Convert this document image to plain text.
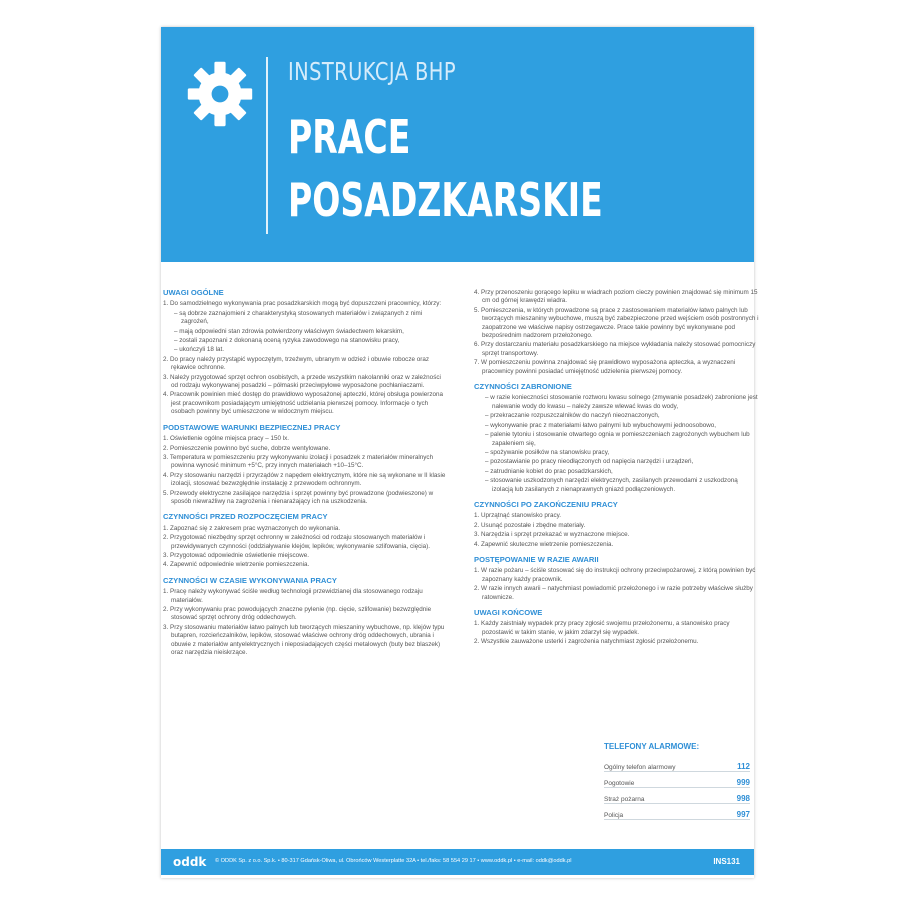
INSTRUKCJA BHP
PRACE
POSADZKARSKIE
UWAGI OGÓLNE
1. Do samodzielnego wykonywania prac posadzkarskich mogą być dopuszczeni pracownicy, którzy:
– są dobrze zaznajomieni z charakterystyką stosowanych materiałów i związanych z nimi zagrożeń,
– mają odpowiedni stan zdrowia potwierdzony właściwym świadectwem lekarskim,
– zostali zapoznani z dokonaną oceną ryzyka zawodowego na stanowisku pracy,
– ukończyli 18 lat.
2. Do pracy należy przystąpić wypoczętym, trzeźwym, ubranym w odzież i obuwie robocze oraz rękawice ochronne.
3. Należy przygotować sprzęt ochron osobistych, a przede wszystkim nakolanniki oraz w zależności od rodzaju wykonywanej posadzki – półmaski przeciwpyłowe wyposażone pochłaniaczami.
4. Pracownik powinien mieć dostęp do prawidłowo wyposażonej apteczki, której obsługa powierzona jest pracownikom posiadającym umiejętność udzielania pierwszej pomocy. Informacje o tych osobach powinny być umieszczone w widocznym miejscu.
PODSTAWOWE WARUNKI BEZPIECZNEJ PRACY
1. Oświetlenie ogólne miejsca pracy – 150 lx.
2. Pomieszczenie powinno być suche, dobrze wentylowane.
3. Temperatura w pomieszczeniu przy wykonywaniu izolacji i posadzek z materiałów mineralnych powinna wynosić minimum +5°C, przy innych materiałach +10–15°C.
4. Przy stosowaniu narzędzi i przyrządów z napędem elektrycznym, które nie są wykonane w II klasie izolacji, stosować bezwzględnie instalację z przewodem ochronnym.
5. Przewody elektryczne zasilające narzędzia i sprzęt powinny być prowadzone (podwieszone) w sposób niewrażliwy na zagrożenia i nienarażający ich na uszkodzenia.
CZYNNOŚCI PRZED ROZPOCZĘCIEM PRACY
1. Zapoznać się z zakresem prac wyznaczonych do wykonania.
2. Przygotować niezbędny sprzęt ochronny w zależności od rodzaju stosowanych materiałów i przewidywanych czynności (oddziaływanie klejów, lepików, wykonywanie szlifowania, cięcia).
3. Przygotować odpowiednie oświetlenie miejscowe.
4. Zapewnić odpowiednie wietrzenie pomieszczenia.
CZYNNOŚCI W CZASIE WYKONYWANIA PRACY
1. Pracę należy wykonywać ściśle według technologii przewidzianej dla stosowanego rodzaju materiałów.
2. Przy wykonywaniu prac powodujących znaczne pylenie (np. cięcie, szlifowanie) bezwzględnie stosować sprzęt ochrony dróg oddechowych.
3. Przy stosowaniu materiałów łatwo palnych lub tworzących mieszaniny wybuchowe, np. klejów typu butapren, rozcieńczalników, lepików, stosować właściwe ochrony dróg oddechowych, ubrania i obuwie z materiałów antyelektrycznych i nieposiadających części metalowych (buty bez blaszek) oraz narzędzia nieiskrzące.
4. Przy przenoszeniu gorącego lepiku w wiadrach poziom cieczy powinien znajdować się minimum 15 cm od górnej krawędzi wiadra.
5. Pomieszczenia, w których prowadzone są prace z zastosowaniem materiałów łatwo palnych lub tworzących mieszaniny wybuchowe, muszą być zabezpieczone przed wejściem osób postronnych i zaopatrzone we właściwe napisy ostrzegawcze. Prace takie powinny być wykonywane pod bezpośrednim nadzorem przełożonego.
6. Przy dostarczaniu materiału posadzkarskiego na miejsce wykładania należy stosować pomocniczy sprzęt transportowy.
7. W pomieszczeniu powinna znajdować się prawidłowo wyposażona apteczka, a wyznaczeni pracownicy powinni posiadać umiejętność udzielenia pierwszej pomocy.
CZYNNOŚCI ZABRONIONE
– w razie konieczności stosowanie roztworu kwasu solnego (zmywanie posadzek) zabronione jest nalewanie wody do kwasu – należy zawsze wlewać kwas do wody,
– przekraczanie rozpuszczalników do naczyń nieoznaczonych,
– wykonywanie prac z materiałami łatwo palnymi lub wybuchowymi jednoosobowo,
– palenie tytoniu i stosowanie otwartego ognia w pomieszczeniach zagrożonych wybuchem lub zapaleniem się,
– spożywanie posiłków na stanowisku pracy,
– pozostawianie po pracy nieodłączonych od napięcia narzędzi i urządzeń,
– zatrudnianie kobiet do prac posadzkarskich,
– stosowanie uszkodzonych narzędzi elektrycznych, zasilanych przewodami z uszkodzoną izolacją lub zasilanych z nienaprawnych gniazd podłączeniowych.
CZYNNOŚCI PO ZAKOŃCZENIU PRACY
1. Uprzątnąć stanowisko pracy.
2. Usunąć pozostałe i zbędne materiały.
3. Narzędzia i sprzęt przekazać w wyznaczone miejsce.
4. Zapewnić skuteczne wietrzenie pomieszczenia.
POSTĘPOWANIE W RAZIE AWARII
1. W razie pożaru – ściśle stosować się do instrukcji ochrony przeciwpożarowej, z którą powinien być zapoznany każdy pracownik.
2. W razie innych awarii – natychmiast powiadomić przełożonego i w razie potrzeby właściwe służby ratownicze.
UWAGI KOŃCOWE
1. Każdy zaistniały wypadek przy pracy zgłosić swojemu przełożonemu, a stanowisko pracy pozostawić w takim stanie, w jakim zdarzył się wypadek.
2. Wszystkie zauważone usterki i zagrożenia natychmiast zgłosić przełożonemu.
TELEFONY ALARMOWE:
Ogólny telefon alarmowy	112
Pogotowie	999
Straż pożarna	998
Policja	997
oddk © ODDK Sp. z o.o. Sp.k. • 80-317 Gdańsk-Oliwa, ul. Obrońców Westerplatte 32A • tel./faks: 58 554 29 17 • www.oddk.pl • e-mail: oddk@oddk.pl	INS131
